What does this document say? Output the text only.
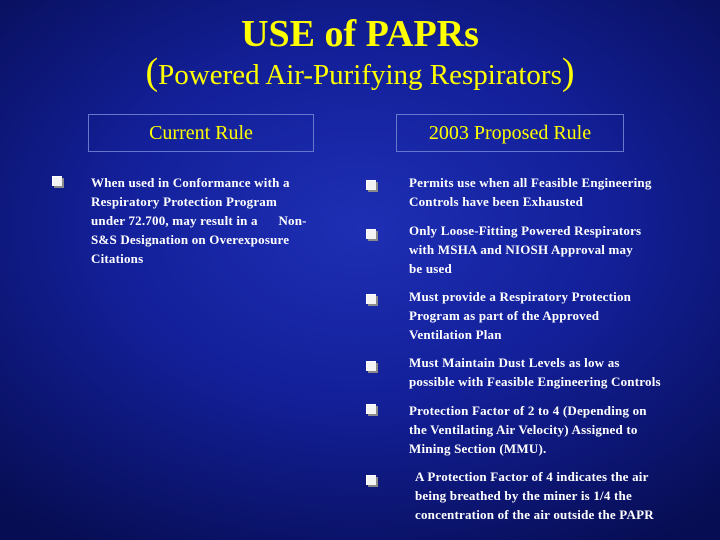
USE of PAPRs
(Powered Air-Purifying Respirators)
Current Rule	2003 Proposed Rule
When used in Conformance with a
Respiratory Protection Program
under 72.700, may result in a      Non-
S&S Designation on Overexposure
Citations
Permits use when all Feasible Engineering
Controls have been Exhausted
Only Loose-Fitting Powered Respirators
with MSHA and NIOSH Approval may
be used
Must provide a Respiratory Protection
Program as part of the Approved
Ventilation Plan
Must Maintain Dust Levels as low as
possible with Feasible Engineering Controls
Protection Factor of 2 to 4 (Depending on
the Ventilating Air Velocity) Assigned to
Mining Section (MMU).
A Protection Factor of 4 indicates the air
being breathed by the miner is 1/4 the
concentration of the air outside the PAPR
